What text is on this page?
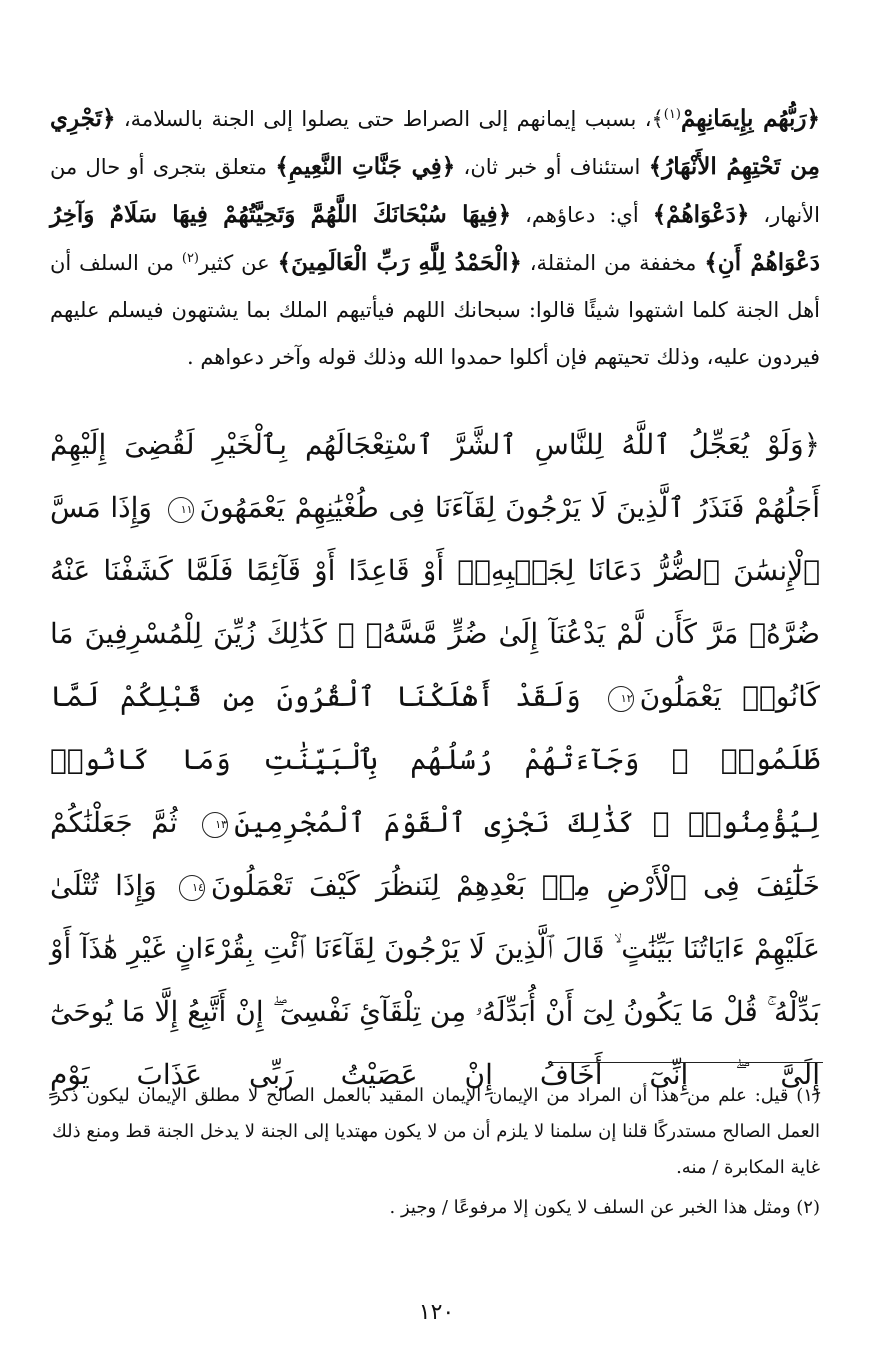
﴿رَبُّهُم بِإِيمَانِهِمْ$^{(١)}$﴾، بسبب إيمانهم إلى الصراط حتى يصلوا إلى الجنة بالسلامة، ﴿تَجْرِي مِن تَحْتِهِمُ الأَنْهَارُ﴾ استئناف أو خبر ثان، ﴿فِي جَنَّاتِ النَّعِيمِ﴾ متعلق بتجرى أو حال من الأنهار، ﴿دَعْوَاهُمْ﴾ أي: دعاؤهم، ﴿فِيهَا سُبْحَانَكَ اللَّهُمَّ وَتَحِيَّتُهُمْ فِيهَا سَلَامٌ وَآخِرُ دَعْوَاهُمْ أَنِ﴾ مخففة من المثقلة، ﴿الْحَمْدُ لِلَّهِ رَبِّ الْعَالَمِينَ﴾ عن كثير$^{(٢)}$ من السلف أن أهل الجنة كلما اشتهوا شيئًا قالوا: سبحانك اللهم فيأتيهم الملك بما يشتهون فيسلم عليهم فيردون عليه، وذلك تحيتهم فإن أكلوا حمدوا الله وذلك قوله وآخر دعواهم .
﴿وَلَوْ يُعَجِّلُ ٱللَّهُ لِلنَّاسِ ٱلشَّرَّ ٱسْتِعْجَالَهُم بِٱلْخَيْرِ لَقُضِىَ إِلَيْهِمْ أَجَلُهُمْ فَنَذَرُ ٱلَّذِينَ لَا يَرْجُونَ لِقَآءَنَا فِى طُغْيَٰنِهِمْ يَعْمَهُونَ١١ وَإِذَا مَسَّ ٱلْإِنسَٰنَ ٱلضُّرُّ دَعَانَا لِجَنۢبِهِۦٓ أَوْ قَاعِدًا أَوْ قَآئِمًا فَلَمَّا كَشَفْنَا عَنْهُ ضُرَّهُۥ مَرَّ كَأَن لَّمْ يَدْعُنَآ إِلَىٰ ضُرٍّ مَّسَّهُۥ ۚ كَذَٰلِكَ زُيِّنَ لِلْمُسْرِفِينَ مَا كَانُوا۟ يَعْمَلُونَ١٢ وَلَقَدْ أَهْلَكْنَا ٱلْقُرُونَ مِن قَبْلِكُمْ لَمَّا ظَلَمُوا۟ ۙ وَجَآءَتْهُمْ رُسُلُهُم بِٱلْبَيِّنَٰتِ وَمَا كَانُوا۟ لِيُؤْمِنُوا۟ ۚ كَذَٰلِكَ نَجْزِى ٱلْقَوْمَ ٱلْمُجْرِمِينَ١٣ ثُمَّ جَعَلْنَٰكُمْ خَلَٰٓئِفَ فِى ٱلْأَرْضِ مِنۢ بَعْدِهِمْ لِنَنظُرَ كَيْفَ تَعْمَلُونَ١٤ وَإِذَا تُتْلَىٰ عَلَيْهِمْ ءَايَاتُنَا بَيِّنَٰتٍ ۙ قَالَ ٱلَّذِينَ لَا يَرْجُونَ لِقَآءَنَا ٱئْتِ بِقُرْءَانٍ غَيْرِ هَٰذَآ أَوْ بَدِّلْهُ ۚ قُلْ مَا يَكُونُ لِىٓ أَنْ أُبَدِّلَهُۥ مِن تِلْقَآئِ نَفْسِىٓ ۖ إِنْ أَتَّبِعُ إِلَّا مَا يُوحَىٰٓ إِلَىَّ ۖ إِنِّىٓ أَخَافُ إِنْ عَصَيْتُ رَبِّى عَذَابَ يَوْمٍ

(١) قيل: علم من هذا أن المراد من الإيمان الإيمان المقيد بالعمل الصالح لا مطلق الإيمان ليكون ذكر العمل الصالح مستدركًا قلنا إن سلمنا لا يلزم أن من لا يكون مهتديا إلى الجنة لا يدخل الجنة قط ومنع ذلك غاية المكابرة / منه.

(٢) ومثل هذا الخبر عن السلف لا يكون إلا مرفوعًا / وجيز .

١٢٠
